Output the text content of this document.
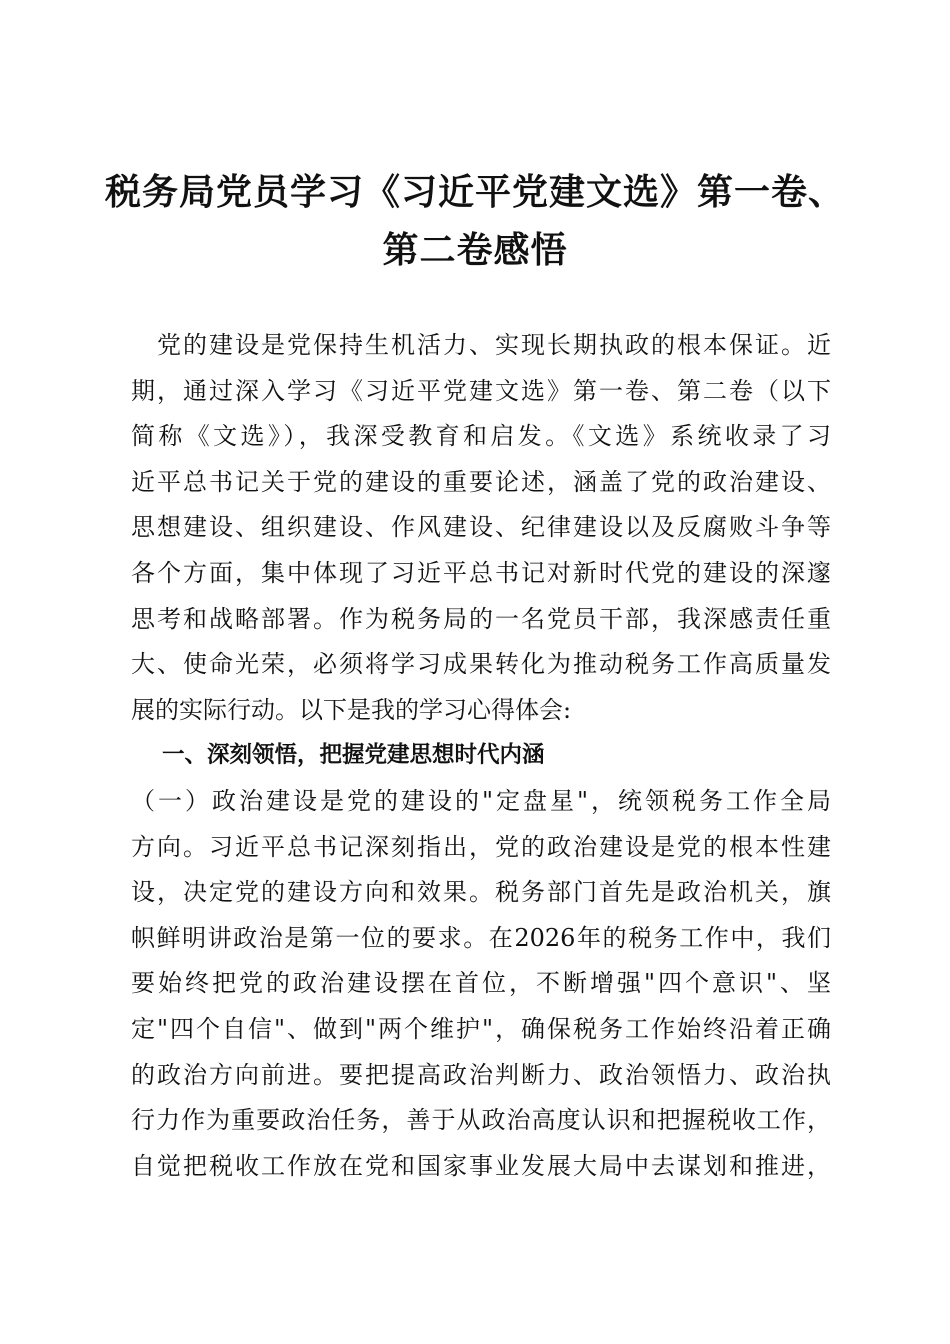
税务局党员学习《习近平党建文选》第一卷、
第二卷感悟
　党的建设是党保持生机活力、实现长期执政的根本保证。近
期，通过深入学习《习近平党建文选》第一卷、第二卷（以下
简称《文选》），我深受教育和启发。《文选》系统收录了习
近平总书记关于党的建设的重要论述，涵盖了党的政治建设、
思想建设、组织建设、作风建设、纪律建设以及反腐败斗争等
各个方面，集中体现了习近平总书记对新时代党的建设的深邃
思考和战略部署。作为税务局的一名党员干部，我深感责任重
大、使命光荣，必须将学习成果转化为推动税务工作高质量发
展的实际行动。以下是我的学习心得体会:
一、深刻领悟，把握党建思想时代内涵
（一）政治建设是党的建设的"定盘星"，统领税务工作全局
方向。习近平总书记深刻指出，党的政治建设是党的根本性建
设，决定党的建设方向和效果。税务部门首先是政治机关，旗
帜鲜明讲政治是第一位的要求。在2026年的税务工作中，我们
要始终把党的政治建设摆在首位，不断增强"四个意识"、坚
定"四个自信"、做到"两个维护"，确保税务工作始终沿着正确
的政治方向前进。要把提高政治判断力、政治领悟力、政治执
行力作为重要政治任务，善于从政治高度认识和把握税收工作，
自觉把税收工作放在党和国家事业发展大局中去谋划和推进，
